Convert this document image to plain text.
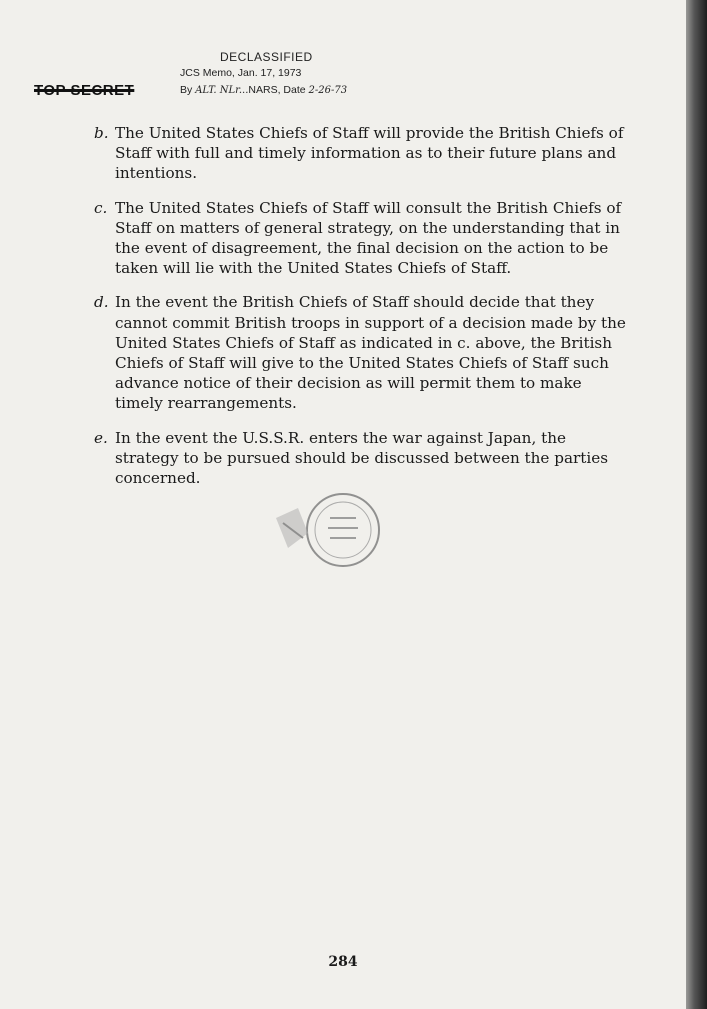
TOP SECRET
DECLASSIFIED
JCS Memo, Jan. 17, 1973
By ALT. NLr...NARS, Date 2-26-73
b. The United States Chiefs of Staff will provide the British Chiefs of Staff with full and timely information as to their future plans and intentions.
c. The United States Chiefs of Staff will consult the British Chiefs of Staff on matters of general strategy, on the understanding that in the event of disagreement, the final decision on the action to be taken will lie with the United States Chiefs of Staff.
d. In the event the British Chiefs of Staff should decide that they cannot commit British troops in support of a decision made by the United States Chiefs of Staff as indicated in c. above, the British Chiefs of Staff will give to the United States Chiefs of Staff such advance notice of their decision as will permit them to make timely rearrangements.
e. In the event the U.S.S.R. enters the war against Japan, the strategy to be pursued should be discussed between the parties concerned.
284
